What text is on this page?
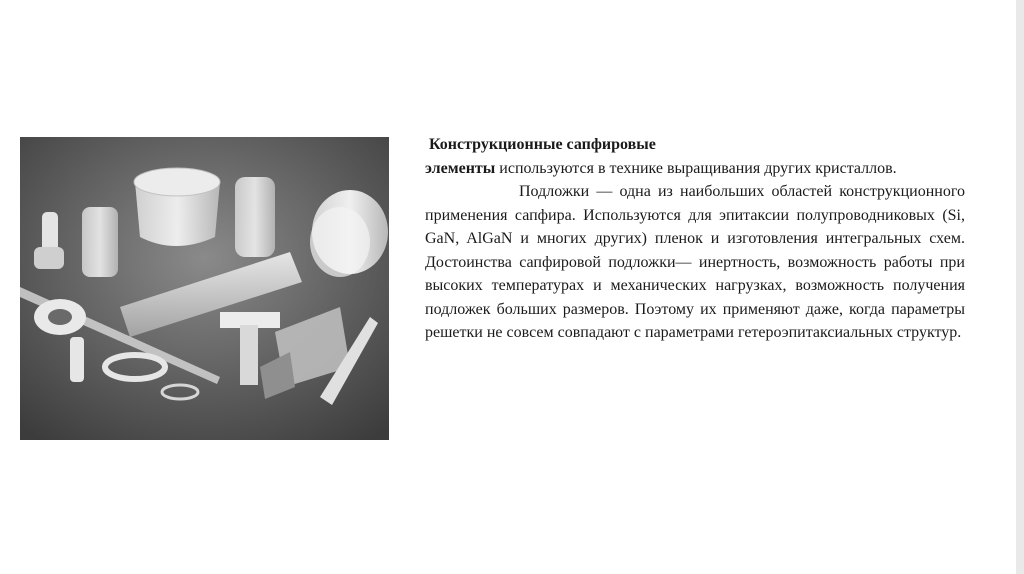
Конструкционные сапфировые
элементы используются в технике выращивания других кристаллов.

Подложки — одна из наибольших областей конструкционного применения сапфира. Используются для эпитаксии полупроводниковых (Si, GaN, AlGaN и многих других) пленок и изготовления интегральных схем. Достоинства сапфировой подложки— инертность, возможность работы при высоких температурах и механических нагрузках, возможность получения подложек больших размеров. Поэтому их применяют даже, когда параметры решетки не совсем совпадают с параметрами гетероэпитаксиальных структур.
